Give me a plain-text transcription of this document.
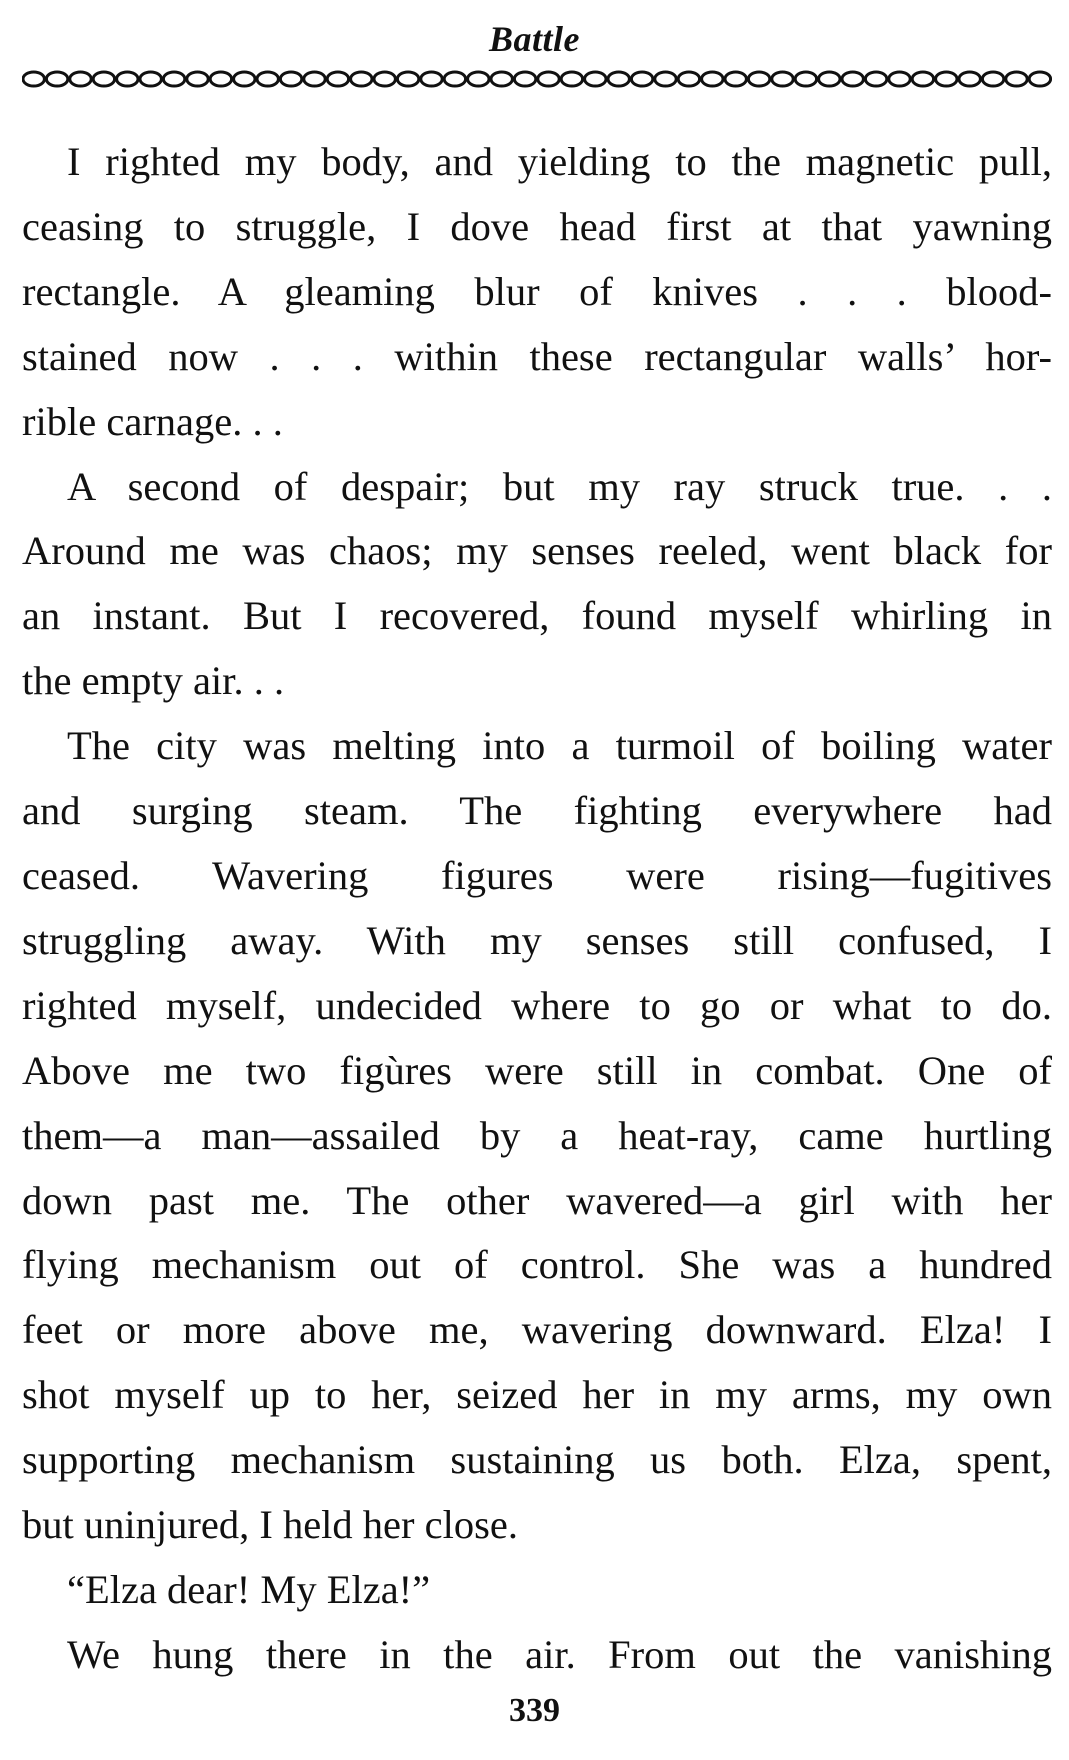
Battle
I righted my body, and yielding to the magnetic pull,
ceasing to struggle, I dove head first at that yawning
rectangle. A gleaming blur of knives . . . blood-
stained now . . . within these rectangular walls’ hor-
rible carnage. . .
A second of despair; but my ray struck true. . .
Around me was chaos; my senses reeled, went black for
an instant. But I recovered, found myself whirling in
the empty air. . .
The city was melting into a turmoil of boiling water
and surging steam. The fighting everywhere had
ceased. Wavering figures were rising—fugitives
struggling away. With my senses still confused, I
righted myself, undecided where to go or what to do.
Above me two figùres were still in combat. One of
them—a man—assailed by a heat-ray, came hurtling
down past me. The other wavered—a girl with her
flying mechanism out of control. She was a hundred
feet or more above me, wavering downward. Elza! I
shot myself up to her, seized her in my arms, my own
supporting mechanism sustaining us both. Elza, spent,
but uninjured, I held her close.
“Elza dear! My Elza!”
We hung there in the air. From out the vanishing
339
